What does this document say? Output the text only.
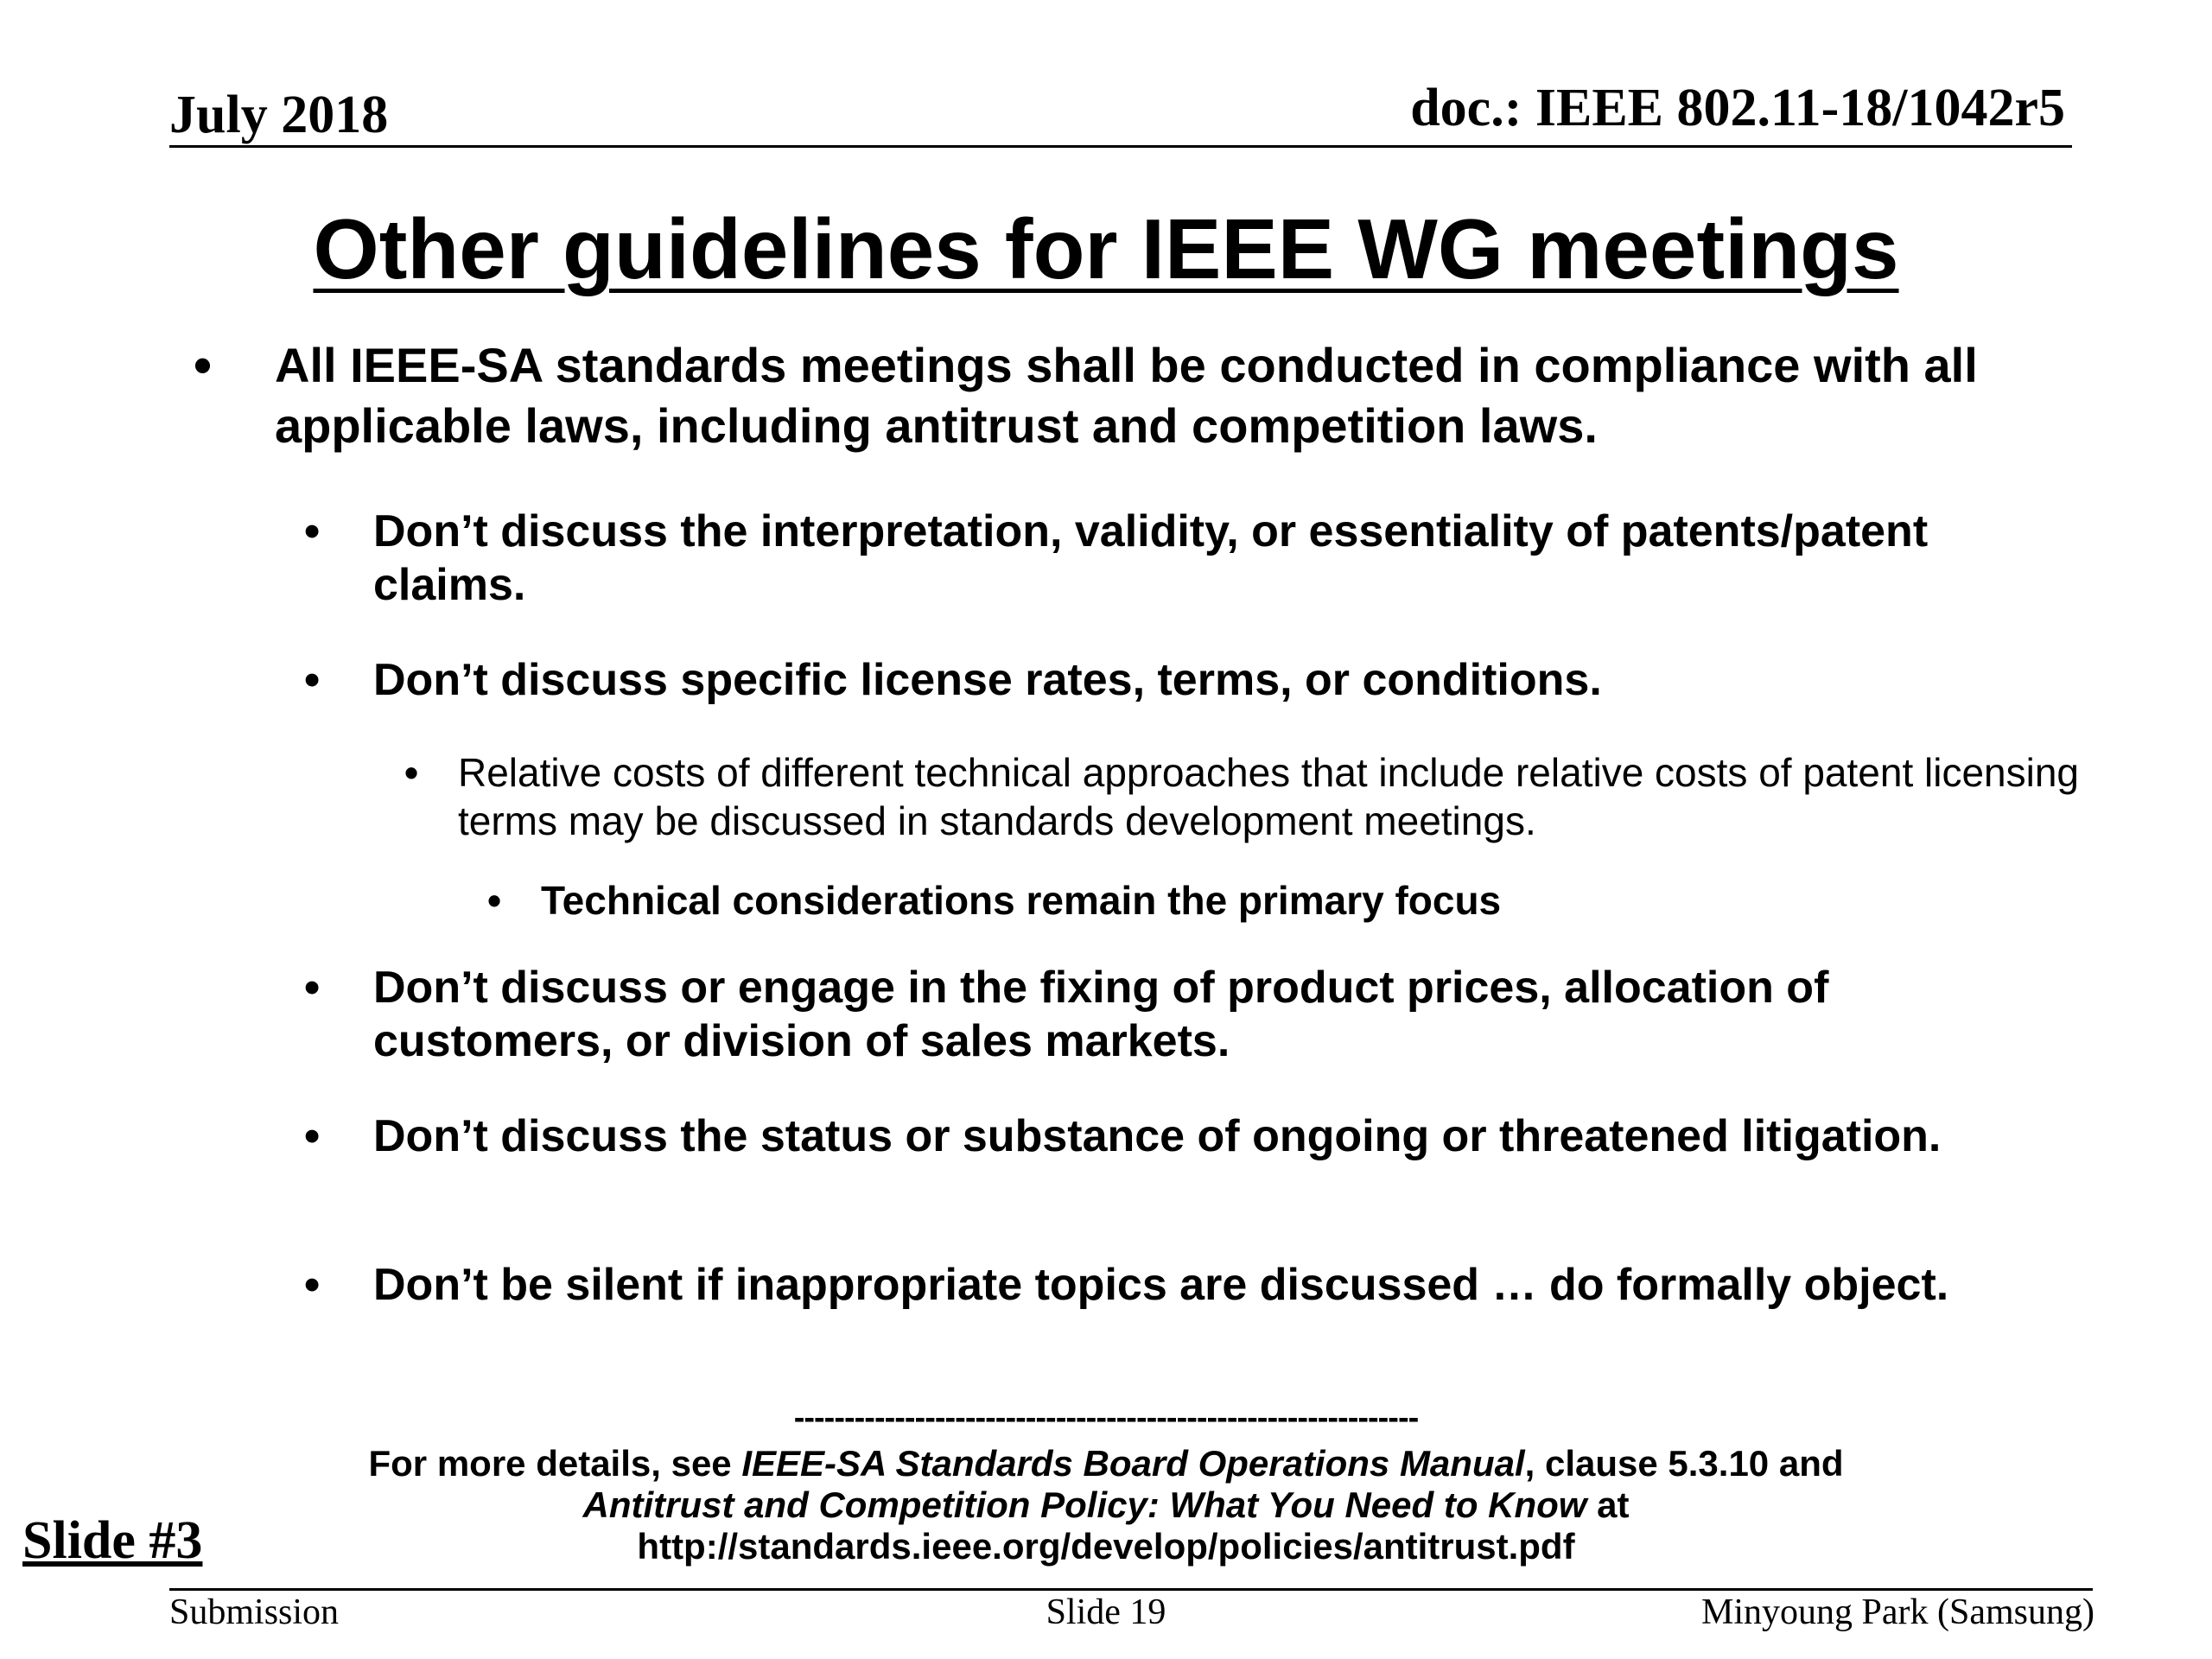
July 2018	doc.: IEEE 802.11-18/1042r5
Other guidelines for IEEE WG meetings
• All IEEE-SA standards meetings shall be conducted in compliance with all applicable laws, including antitrust and competition laws.
• Don’t discuss the interpretation, validity, or essentiality of patents/patent claims.
• Don’t discuss specific license rates, terms, or conditions.
• Relative costs of different technical approaches that include relative costs of patent licensing terms may be discussed in standards development meetings.
• Technical considerations remain the primary focus
• Don’t discuss or engage in the fixing of product prices, allocation of customers, or division of sales markets.
• Don’t discuss the status or substance of ongoing or threatened litigation.
• Don’t be silent if inappropriate topics are discussed … do formally object.
--------------------------------------------------------------
For more details, see IEEE-SA Standards Board Operations Manual, clause 5.3.10 and
Antitrust and Competition Policy: What You Need to Know at
http://standards.ieee.org/develop/policies/antitrust.pdf
Slide #3
Submission	Slide 19	Minyoung Park (Samsung)
